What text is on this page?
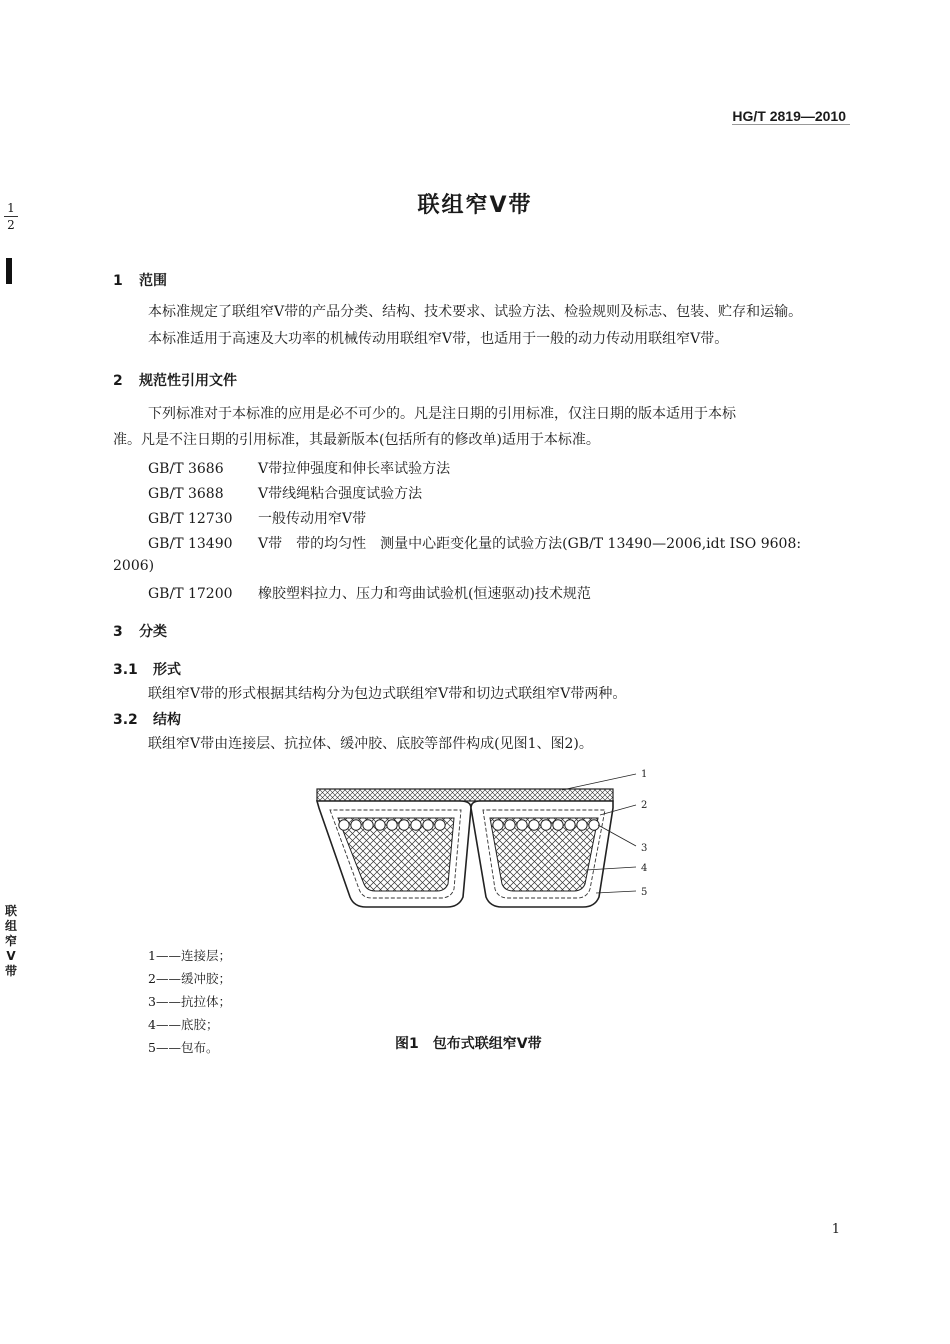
HG/T 2819—2010
$\frac{1}{2}$	联组窄V带
1 范围
本标准规定了联组窄V带的产品分类、结构、技术要求、试验方法、检验规则及标志、包装、贮存和运输。
本标准适用于高速及大功率的机械传动用联组窄V带，也适用于一般的动力传动用联组窄V带。
2 规范性引用文件
下列标准对于本标准的应用是必不可少的。凡是注日期的引用标准，仅注日期的版本适用于本标
准。凡是不注日期的引用标准，其最新版本(包括所有的修改单)适用于本标准。
GB/T 3686 V带拉伸强度和伸长率试验方法
GB/T 3688 V带线绳粘合强度试验方法
GB/T 12730 一般传动用窄V带
GB/T 13490 V带　带的均匀性　测量中心距变化量的试验方法(GB/T 13490—2006,idt ISO 9608:
2006)
GB/T 17200 橡胶塑料拉力、压力和弯曲试验机(恒速驱动)技术规范
3 分类
3.1 形式
联组窄V带的形式根据其结构分为包边式联组窄V带和切边式联组窄V带两种。
3.2 结构
联组窄V带由连接层、抗拉体、缓冲胶、底胶等部件构成(见图1、图2)。
1
2
3
4
5
1——连接层；
2——缓冲胶；
3——抗拉体；
4——底胶；
5——包布。	图1　包布式联组窄V带
联
组
窄
V
带
1
